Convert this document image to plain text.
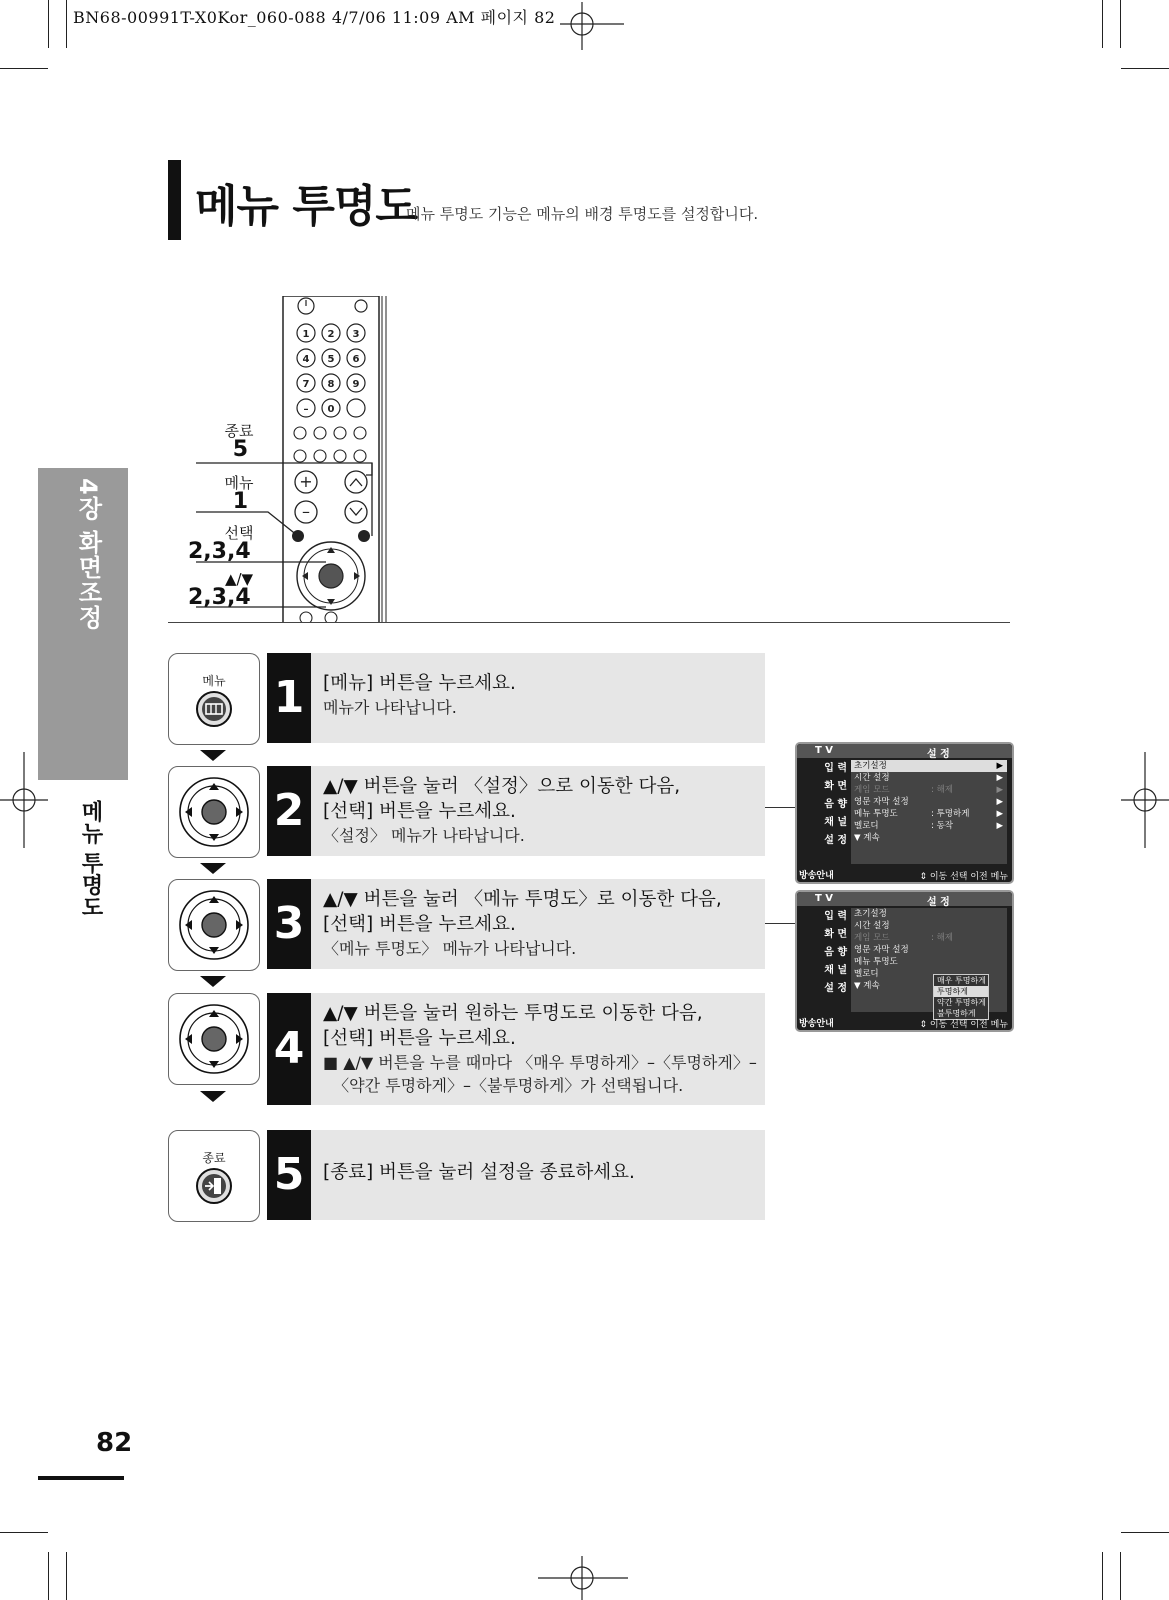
BN68-00991T-X0Kor_060-088 4/7/06 11:09 AM 페이지 82
메뉴 투명도
메뉴 투명도 기능은 메뉴의 배경 투명도를 설정합니다.
4장 화면조정
메뉴 투명도
1 2 3
4 5 6
7 8 9
– 0
+
–
종료
5
메뉴
1
선택
2,3,4
▲/▼
2,3,4
메뉴	1	[메뉴] 버튼을 누르세요.
메뉴가 나타납니다.
2	▲/▼ 버튼을 눌러 〈설정〉으로 이동한 다음,
[선택] 버튼을 누르세요.
〈설정〉 메뉴가 나타납니다.
3	▲/▼ 버튼을 눌러 〈메뉴 투명도〉로 이동한 다음,
[선택] 버튼을 누르세요.
〈메뉴 투명도〉 메뉴가 나타납니다.
4
▲/▼ 버튼을 눌러 원하는 투명도로 이동한 다음,
[선택] 버튼을 누르세요.
■ ▲/▼ 버튼을 누를 때마다 〈매우 투명하게〉–〈투명하게〉–
〈약간 투명하게〉–〈불투명하게〉가 선택됩니다.
종료	5	[종료] 버튼을 눌러 설정을 종료하세요.
T V	설 정
입 력
화 면
음 향
채 널
설 정
초기설정	▶
시간 설정	▶
게임 모드	: 해제	▶
영문 자막 설정	▶
메뉴 투명도	: 투명하게	▶
멜로디	: 동작	▶
▼ 계속
방송안내	⇕ 이동 선택 이전 메뉴
T V	설 정
입 력
화 면
음 향
채 널
설 정
초기설정
시간 설정
게임 모드	: 해제
영문 자막 설정
메뉴 투명도
멜로디
▼ 계속
매우 투명하게
투명하게
약간 투명하게
불투명하게
방송안내	⇕ 이동 선택 이전 메뉴
82
